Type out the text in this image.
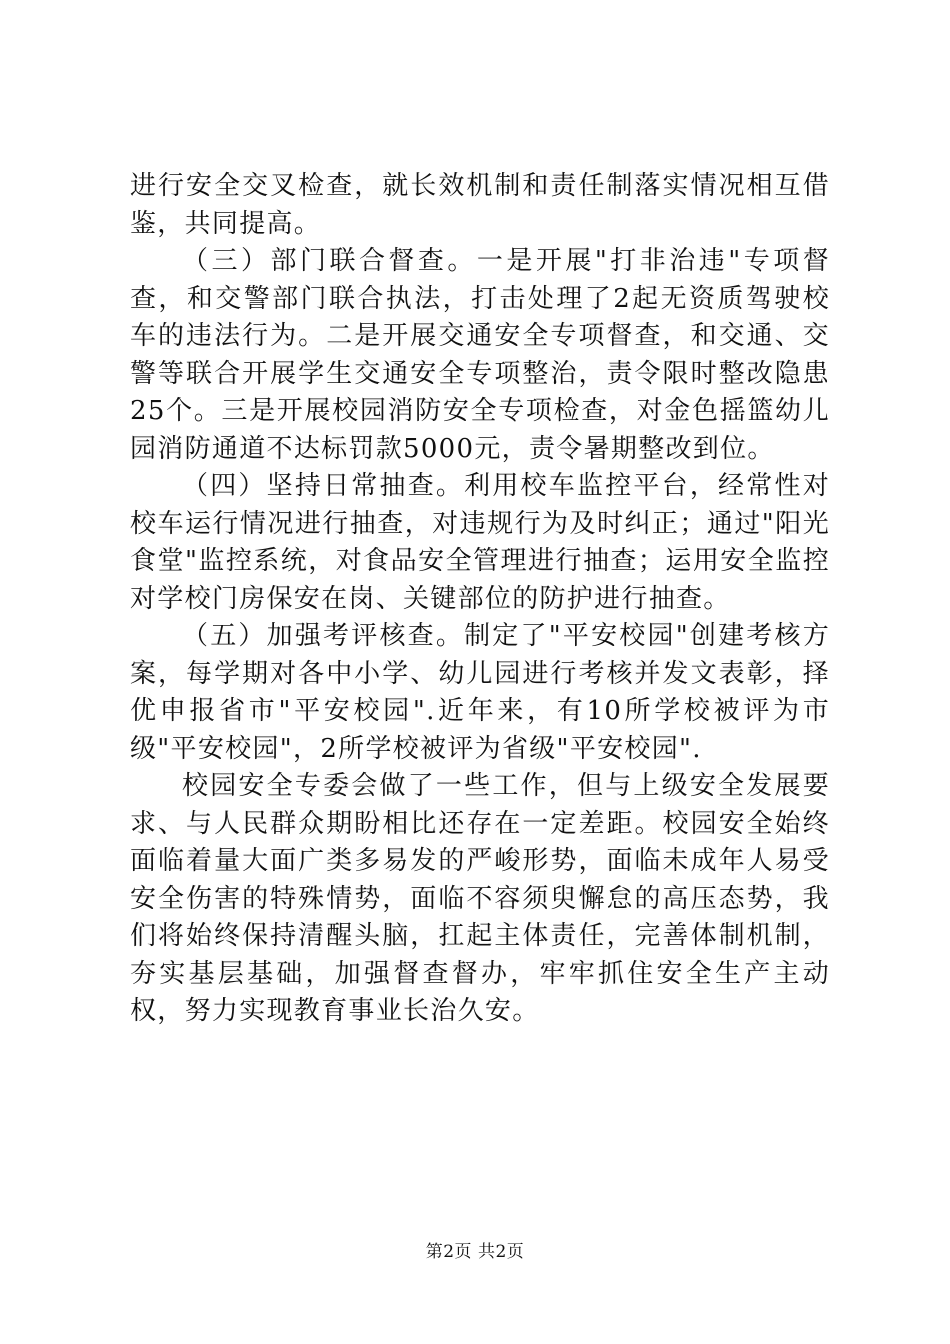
进行安全交叉检查，就长效机制和责任制落实情况相互借鉴，共同提高。

（三）部门联合督查。一是开展"打非治违"专项督查，和交警部门联合执法，打击处理了2起无资质驾驶校车的违法行为。二是开展交通安全专项督查，和交通、交警等联合开展学生交通安全专项整治，责令限时整改隐患25个。三是开展校园消防安全专项检查，对金色摇篮幼儿园消防通道不达标罚款5000元，责令暑期整改到位。

（四）坚持日常抽查。利用校车监控平台，经常性对校车运行情况进行抽查，对违规行为及时纠正；通过"阳光食堂"监控系统，对食品安全管理进行抽查；运用安全监控对学校门房保安在岗、关键部位的防护进行抽查。

（五）加强考评核查。制定了"平安校园"创建考核方案，每学期对各中小学、幼儿园进行考核并发文表彰，择优申报省市"平安校园".近年来，有10所学校被评为市级"平安校园"，2所学校被评为省级"平安校园".

校园安全专委会做了一些工作，但与上级安全发展要求、与人民群众期盼相比还存在一定差距。校园安全始终面临着量大面广类多易发的严峻形势，面临未成年人易受安全伤害的特殊情势，面临不容须臾懈怠的高压态势，我们将始终保持清醒头脑，扛起主体责任，完善体制机制，夯实基层基础，加强督查督办，牢牢抓住安全生产主动权，努力实现教育事业长治久安。

第2页 共2页
